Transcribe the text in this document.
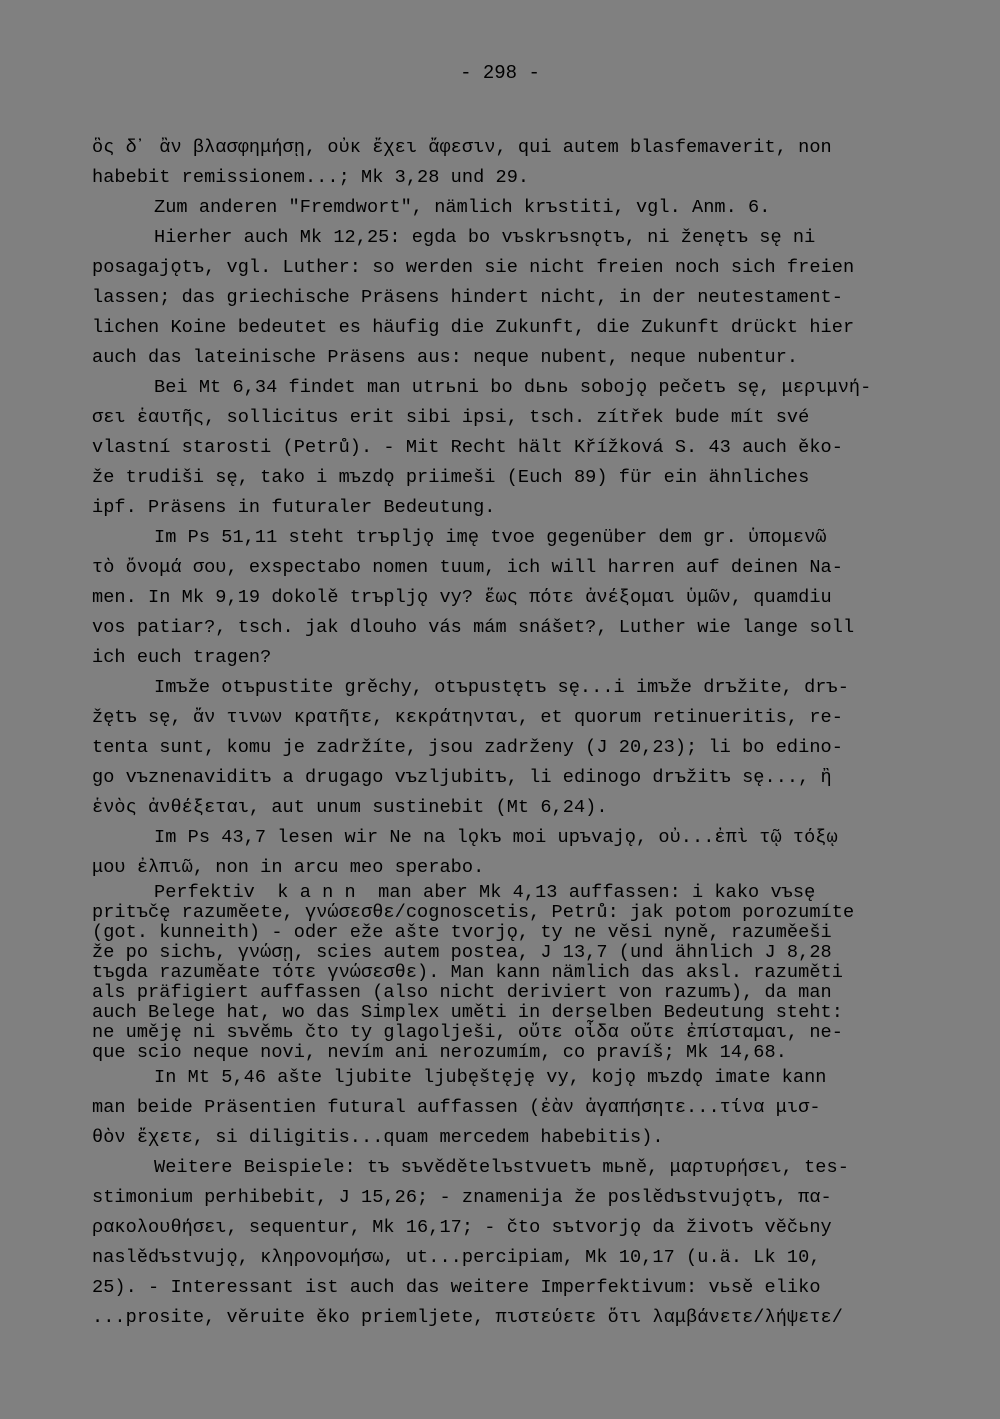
- 298 -
ὃς δ᾽ ἂν βλασφημήσῃ, οὐκ ἔχει ἄφεσιν, qui autem blasfemaverit, non
habebit remissionem...; Mk 3,28 und 29.
Zum anderen "Fremdwort", nämlich krъstiti, vgl. Anm. 6.
Hierher auch Mk 12,25: egda bo vъskrъsnǫtъ, ni ženętъ sę ni
posagajǫtъ, vgl. Luther: so werden sie nicht freien noch sich freien
lassen; das griechische Präsens hindert nicht, in der neutestament-
lichen Koine bedeutet es häufig die Zukunft, die Zukunft drückt hier
auch das lateinische Präsens aus: neque nubent, neque nubentur.
Bei Mt 6,34 findet man utrьni bo dьnь sobojǫ pečetъ sę, μεριμνή-
σει ἑαυτῆς, sollicitus erit sibi ipsi, tsch. zítřek bude mít své
vlastní starosti (Petrů). - Mit Recht hält Křížková S. 43 auch ěko-
že trudiši sę, tako i mъzdǫ priimeši (Euch 89) für ein ähnliches
ipf. Präsens in futuraler Bedeutung.
Im Ps 51,11 steht trъpljǫ imę tvoe gegenüber dem gr. ὑπομενῶ
τὸ ὄνομά σου, exspectabo nomen tuum, ich will harren auf deinen Na-
men. In Mk 9,19 dokolě trъpljǫ vy? ἕως πότε ἀνέξομαι ὑμῶν, quamdiu
vos patiar?, tsch. jak dlouho vás mám snášet?, Luther wie lange soll
ich euch tragen?
Imъže otъpustite grěchy, otъpustętъ sę...i imъže drъžite, drъ-
žętъ sę, ἄν τινων κρατῆτε, κεκράτηνται, et quorum retinueritis, re-
tenta sunt, komu je zadržíte, jsou zadrženy (J 20,23); li bo edino-
go vъznenaviditъ a drugago vъzljubitъ, li edinogo drъžitъ sę..., ἢ
ἑνὸς ἀνθέξεται, aut unum sustinebit (Mt 6,24).
Im Ps 43,7 lesen wir Ne na lǫkъ moi upъvajǫ, οὐ...ἐπὶ τῷ τόξῳ
μου ἐλπιῶ, non in arcu meo sperabo.
Perfektiv  k a n n  man aber Mk 4,13 auffassen: i kako vъsę
pritъčę razuměete, γνώσεσθε/cognoscetis, Petrů: jak potom porozumíte
(got. kunneith) - oder eže ašte tvorjǫ, ty ne věsi nyně, razuměeši
že po sichъ, γνώσῃ, scies autem postea, J 13,7 (und ähnlich J 8,28
tъgda razuměate τότε γνώσεσθε). Man kann nämlich das aksl. razuměti
als präfigiert auffassen (also nicht deriviert von razumъ), da man
auch Belege hat, wo das Simplex uměti in derselben Bedeutung steht:
ne uměję ni sъvěmь čto ty glagolješi, οὔτε οἶδα οὔτε ἐπίσταμαι, ne-
que scio neque novi, nevím ani nerozumím, co pravíš; Mk 14,68.
In Mt 5,46 ašte ljubite ljubęštęję vy, kojǫ mъzdǫ imate kann
man beide Präsentien futural auffassen (ἐὰν ἀγαπήσητε...τίνα μισ-
θὸν ἔχετε, si diligitis...quam mercedem habebitis).
Weitere Beispiele: tъ sъvědětelъstvuetъ mьně, μαρτυρήσει, tes-
stimonium perhibebit, J 15,26; - znamenija že poslědъstvujǫtъ, πα-
ρακολουθήσει, sequentur, Mk 16,17; - čto sъtvorjǫ da životъ věčьny
naslědъstvujǫ, κληρονομήσω, ut...percipiam, Mk 10,17 (u.ä. Lk 10,
25). - Interessant ist auch das weitere Imperfektivum: vьsě eliko
...prosite, věruite ěko priemljete, πιστεύετε ὅτι λαμβάνετε/λήψετε/
